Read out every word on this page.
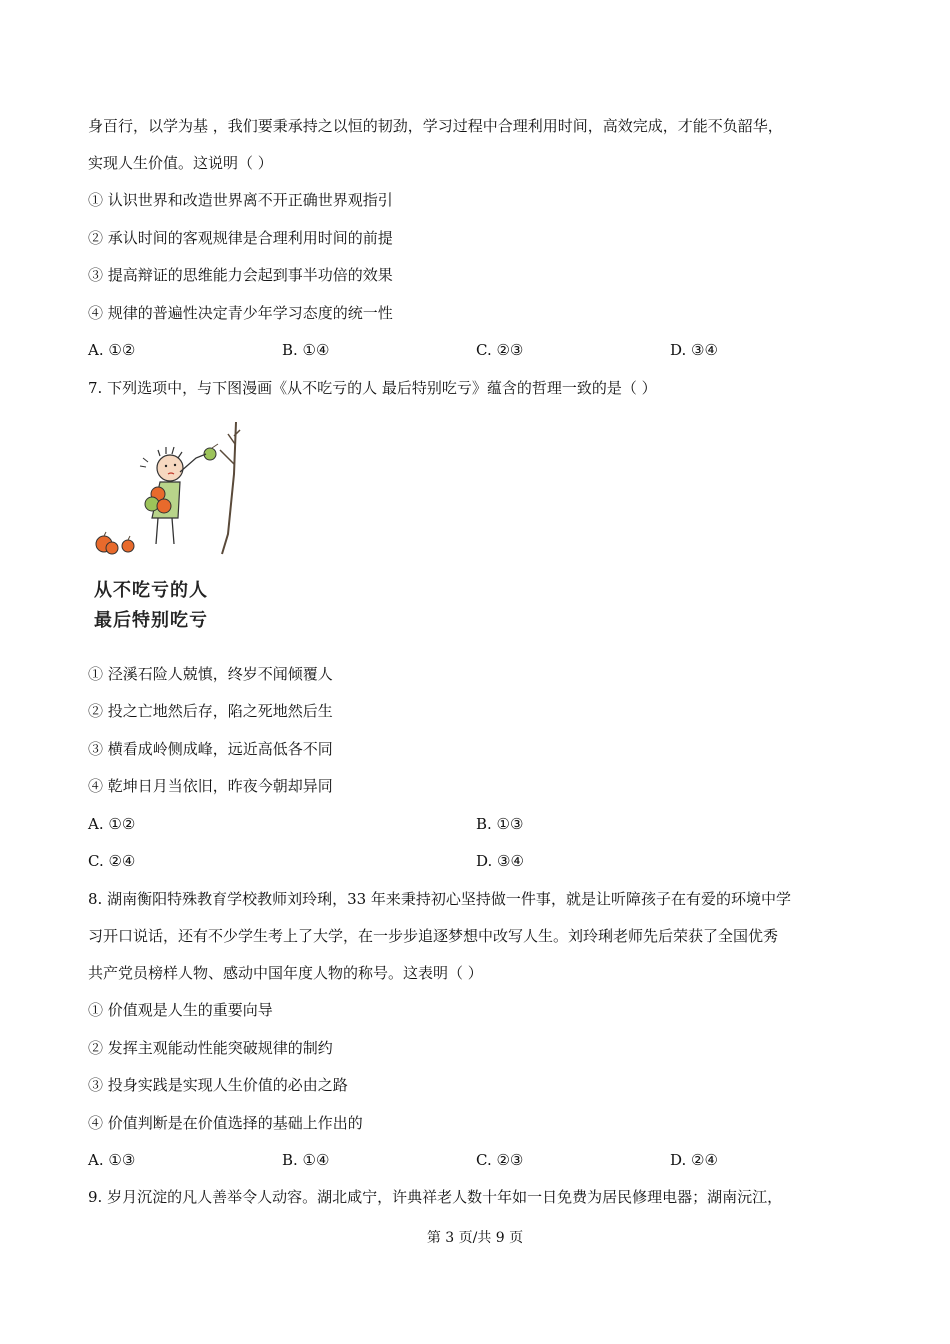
身百行，以学为基 ，我们要秉承持之以恒的韧劲，学习过程中合理利用时间，高效完成，才能不负韶华，
实现人生价值。这说明（ ）
① 认识世界和改造世界离不开正确世界观指引
② 承认时间的客观规律是合理利用时间的前提
③ 提高辩证的思维能力会起到事半功倍的效果
④ 规律的普遍性决定青少年学习态度的统一性
A. ①②	B. ①④	C. ②③	D. ③④
7. 下列选项中，与下图漫画《从不吃亏的人 最后特别吃亏》蕴含的哲理一致的是（ ）
从不吃亏的人
最后特别吃亏
① 泾溪石险人兢慎，终岁不闻倾覆人
② 投之亡地然后存，陷之死地然后生
③ 横看成岭侧成峰，远近高低各不同
④ 乾坤日月当依旧，昨夜今朝却异同
A. ①②	B. ①③
C. ②④	D. ③④
8. 湖南衡阳特殊教育学校教师刘玲琍，33 年来秉持初心坚持做一件事，就是让听障孩子在有爱的环境中学
习开口说话，还有不少学生考上了大学，在一步步追逐梦想中改写人生。刘玲琍老师先后荣获了全国优秀
共产党员榜样人物、感动中国年度人物的称号。这表明（ ）
① 价值观是人生的重要向导
② 发挥主观能动性能突破规律的制约
③ 投身实践是实现人生价值的必由之路
④ 价值判断是在价值选择的基础上作出的
A. ①③	B. ①④	C. ②③	D. ②④
9. 岁月沉淀的凡人善举令人动容。湖北咸宁，许典祥老人数十年如一日免费为居民修理电器；湖南沅江，
第 3 页/共 9 页
